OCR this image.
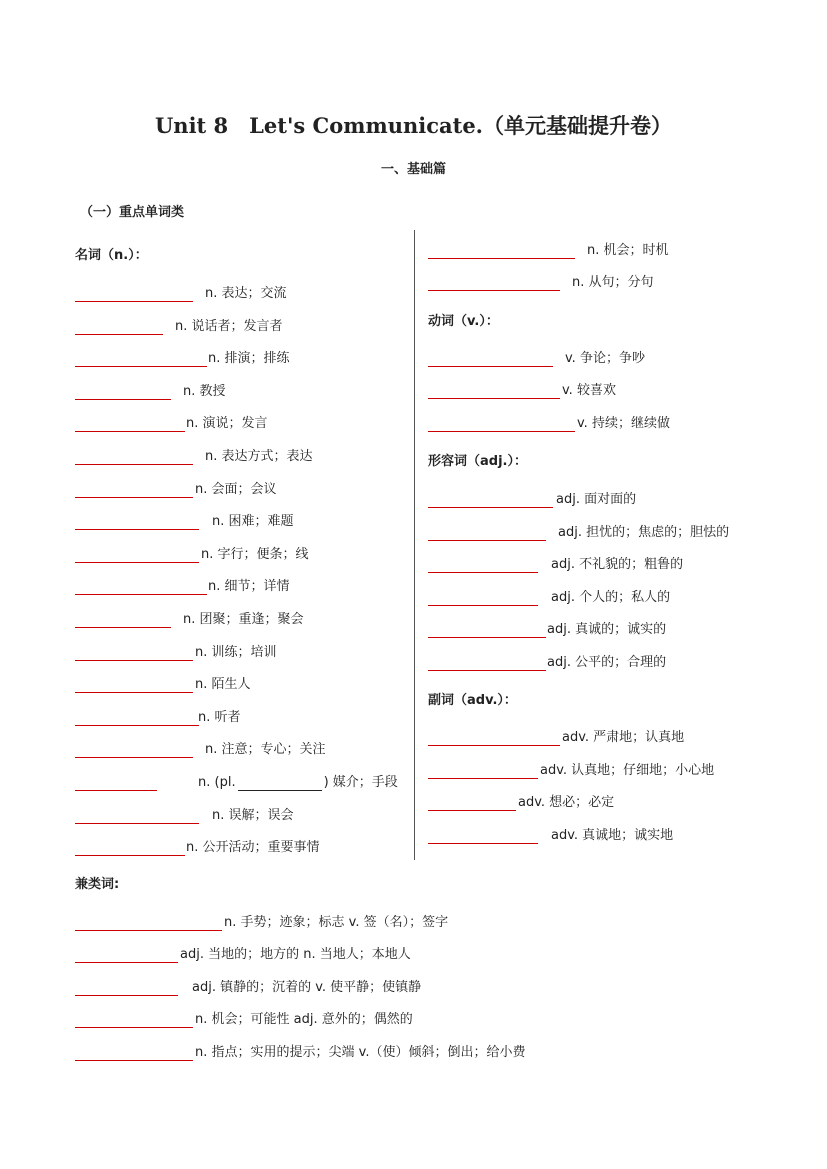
Unit 8　Let's Communicate.（单元基础提升卷）
一、基础篇
（一）重点单词类
名词（n.）：
动词（v.）：
形容词（adj.）：
副词（adv.）：
兼类词:
n. 表达；交流
n. 说话者；发言者
n. 排演；排练
n. 教授
n. 演说；发言
n. 表达方式；表达
n. 会面；会议
n. 困难；难题
n. 字行；便条；线
n. 细节；详情
n. 团聚；重逢；聚会
n. 训练；培训
n. 陌生人
n. 听者
n. 注意；专心；关注
n. (pl.	) 媒介；手段
n. 误解；误会
n. 公开活动；重要事情
n. 机会；时机
n. 从句；分句
v. 争论；争吵
v. 较喜欢
v. 持续；继续做
adj. 面对面的
adj. 担忧的；焦虑的；胆怯的
adj. 不礼貌的；粗鲁的
adj. 个人的；私人的
adj. 真诚的；诚实的
adj. 公平的；合理的
adv. 严肃地；认真地
adv. 认真地；仔细地；小心地
adv. 想必；必定
adv. 真诚地；诚实地
n. 手势；迹象；标志 v. 签（名）；签字
adj. 当地的；地方的 n. 当地人；本地人
adj. 镇静的；沉着的 v. 使平静；使镇静
n. 机会；可能性 adj. 意外的；偶然的
n. 指点；实用的提示；尖端 v.（使）倾斜；倒出；给小费
